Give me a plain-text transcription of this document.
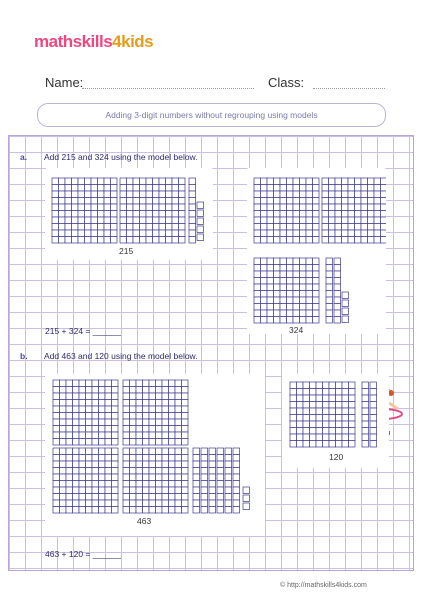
mathskills4kids
Name:	Class:
Adding 3-digit numbers without regrouping using models
a. Add 215 and 324 using the model below.
215
324
215 + 324 = ______
b. Add 463 and 120 using the model below.
463
120
463 + 120 = ______
© http://mathskills4kids.com
